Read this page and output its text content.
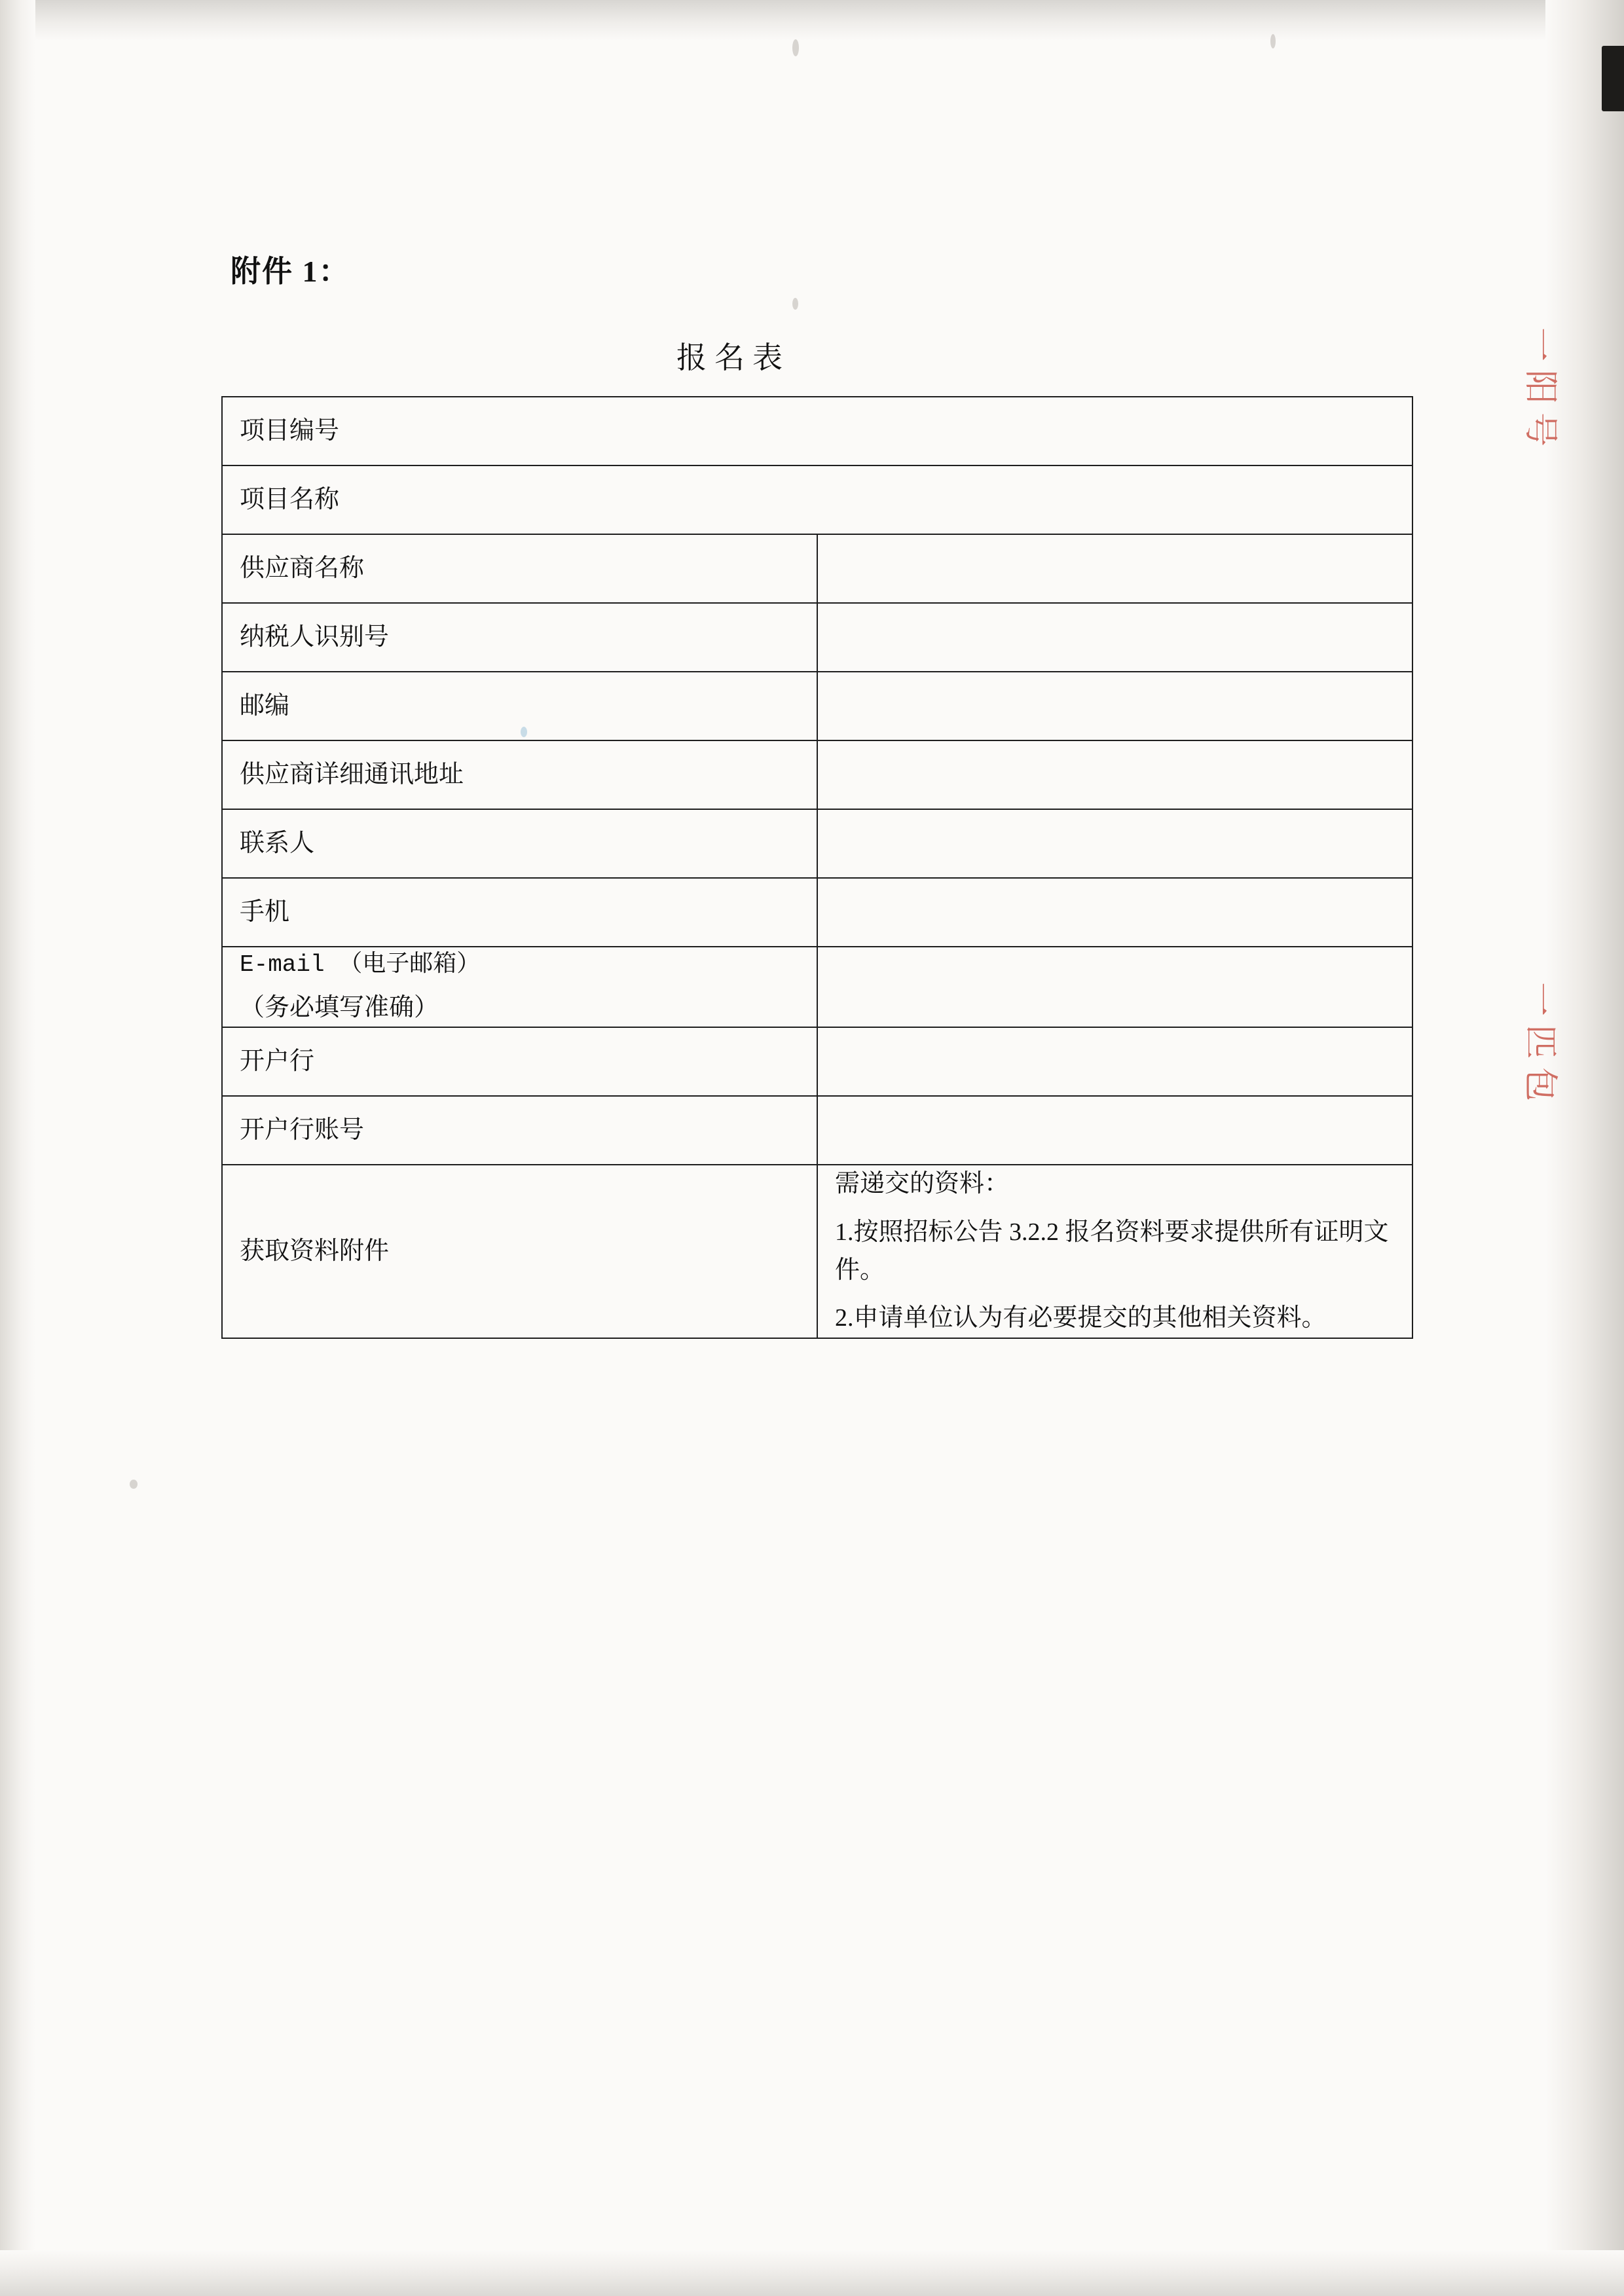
附件 1：
报名表
项目编号	
项目名称	
供应商名称	
纳税人识别号	
邮编	
供应商详细通讯地址	
联系人	
手机	

E-mail （电子邮箱）
（务必填写准确）	

开户行	
开户行账号	
获取资料附件	需递交的资料：
1.按照招标公告 3.2.2 报名资料要求提供所有证明文件。
2.申请单位认为有必要提交的其他相关资料。
一 阳 号
一 匹 包
